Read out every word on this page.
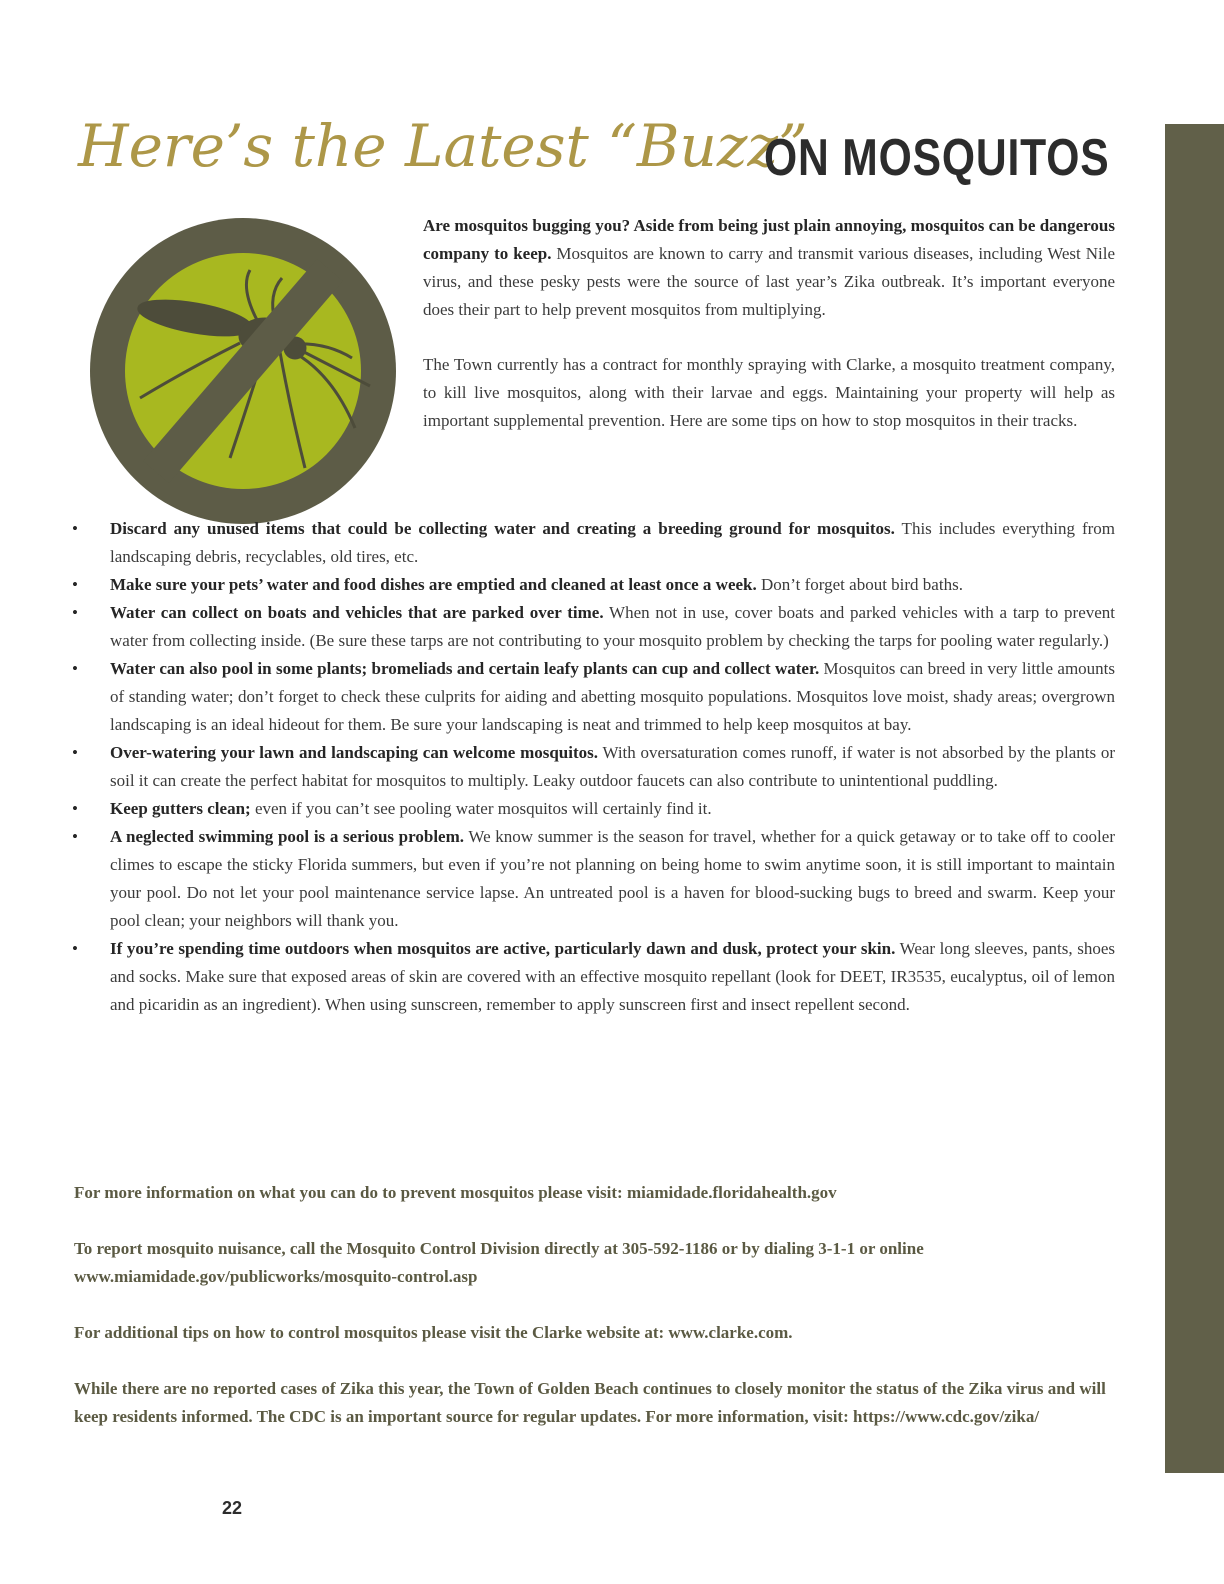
Here’s the Latest “Buzz”
ON MOSQUITOS

Are mosquitos bugging you? Aside from being just plain annoying, mosquitos can be dangerous company to keep. Mosquitos are known to carry and transmit various diseases, including West Nile virus, and these pesky pests were the source of last year’s Zika outbreak. It’s important everyone does their part to help prevent mosquitos from multiplying.

The Town currently has a contract for monthly spraying with Clarke, a mosquito treatment company, to kill live mosquitos, along with their larvae and eggs. Maintaining your property will help as important supplemental prevention. Here are some tips on how to stop mosquitos in their tracks.

• Discard any unused items that could be collecting water and creating a breeding ground for mosquitos. This includes everything from landscaping debris, recyclables, old tires, etc.
• Make sure your pets’ water and food dishes are emptied and cleaned at least once a week. Don’t forget about bird baths.
• Water can collect on boats and vehicles that are parked over time. When not in use, cover boats and parked vehicles with a tarp to prevent water from collecting inside. (Be sure these tarps are not contributing to your mosquito problem by checking the tarps for pooling water regularly.)
• Water can also pool in some plants; bromeliads and certain leafy plants can cup and collect water. Mosquitos can breed in very little amounts of standing water; don’t forget to check these culprits for aiding and abetting mosquito populations. Mosquitos love moist, shady areas; overgrown landscaping is an ideal hideout for them. Be sure your landscaping is neat and trimmed to help keep mosquitos at bay.
• Over-watering your lawn and landscaping can welcome mosquitos. With oversaturation comes runoff, if water is not absorbed by the plants or soil it can create the perfect habitat for mosquitos to multiply. Leaky outdoor faucets can also contribute to unintentional puddling.
• Keep gutters clean; even if you can’t see pooling water mosquitos will certainly find it.
• A neglected swimming pool is a serious problem. We know summer is the season for travel, whether for a quick getaway or to take off to cooler climes to escape the sticky Florida summers, but even if you’re not planning on being home to swim anytime soon, it is still important to maintain your pool. Do not let your pool maintenance service lapse. An untreated pool is a haven for blood-sucking bugs to breed and swarm. Keep your pool clean; your neighbors will thank you.
• If you’re spending time outdoors when mosquitos are active, particularly dawn and dusk, protect your skin. Wear long sleeves, pants, shoes and socks. Make sure that exposed areas of skin are covered with an effective mosquito repellant (look for DEET, IR3535, eucalyptus, oil of lemon and picaridin as an ingredient). When using sunscreen, remember to apply sunscreen first and insect repellent second.

For more information on what you can do to prevent mosquitos please visit: miamidade.floridahealth.gov

To report mosquito nuisance, call the Mosquito Control Division directly at 305-592-1186 or by dialing 3-1-1 or online www.miamidade.gov/publicworks/mosquito-control.asp

For additional tips on how to control mosquitos please visit the Clarke website at: www.clarke.com.

While there are no reported cases of Zika this year, the Town of Golden Beach continues to closely monitor the status of the Zika virus and will keep residents informed. The CDC is an important source for regular updates. For more information, visit: https://www.cdc.gov/zika/

22
